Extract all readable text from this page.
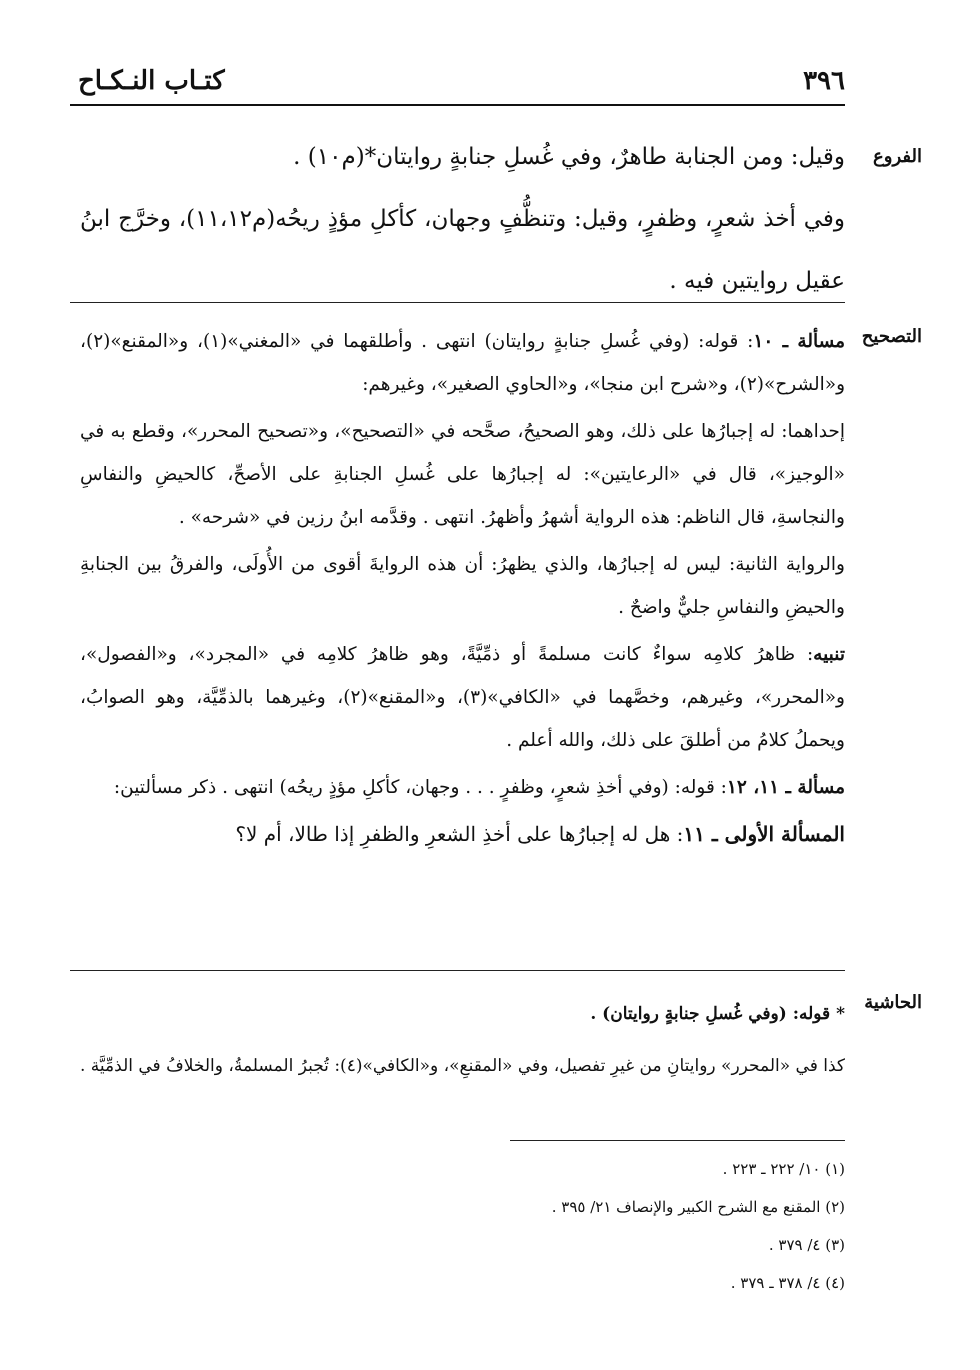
٣٩٦
كتـاب النـكـاح
الفروع

وقيل: ومن الجنابة طاهرٌ، وفي غُسلِ جنابةٍ روايتان*(م١٠) .

وفي أخذ شعرٍ، وظفرٍ، وقيل: وتنظُّفٍ وجهان، كأكلِ مؤذٍ ريحُه(م١١،١٢)، وخرَّج ابنُ عقيل روايتين فيه .

التصحيح

مسألة ـ ١٠: قوله: (وفي غُسلِ جنابةٍ روايتان) انتهى . وأطلقهما في «المغني»(١)، و«المقنع»(٢)، و«الشرح»(٢)، و«شرح ابن منجا»، و«الحاوي الصغير»، وغيرهم:

إحداهما: له إجبارُها على ذلك، وهو الصحيحُ، صحَّحه في «التصحيح»، و«تصحيح المحرر»، وقطع به في «الوجيز»، قال في «الرعايتين»: له إجبارُها على غُسلِ الجنابةِ على الأصحِّ، كالحيضِ والنفاسِ والنجاسةِ، قال الناظم: هذه الرواية أشهرُ وأظهرُ. انتهى . وقدَّمه ابنُ رزين في «شرحه» .

والرواية الثانية: ليس له إجبارُها، والذي يظهرُ: أن هذه الروايةَ أقوى من الأُولَى، والفرقُ بين الجنابةِ والحيضِ والنفاسِ جليٌّ واضحٌ .

تنبيه: ظاهرُ كلامِه سواءٌ كانت مسلمةً أو ذمِّيَّةً، وهو ظاهرُ كلامِه في «المجرد»، و«الفصول»، و«المحرر»، وغيرهم، وخصَّهما في «الكافي»(٣)، و«المقنع»(٢)، وغيرهما بالذمِّيَّة، وهو الصوابُ، ويحملُ كلامُ من أطلقَ على ذلك، والله أعلم .

مسألة ـ ١١، ١٢: قوله: (وفي أخذِ شعرٍ، وظفرٍ . . . وجهان، كأكلِ مؤذٍ ريحُه) انتهى . ذكر مسألتين:

المسألة الأولى ـ ١١: هل له إجبارُها على أخذِ الشعرِ والظفرِ إذا طالا، أم لا؟

الحاشية

* قوله: (وفي غُسلِ جنابةٍ روايتان) .

كذا في «المحرر» روايتانِ من غيرِ تفصيل، وفي «المقنعِ»، و«الكافي»(٤): تُجبرُ المسلمةُ، والخلافُ في الذمِّيَّة .

(١) ١٠/ ٢٢٢ ـ ٢٢٣ .
(٢) المقنع مع الشرح الكبير والإنصاف ٢١/ ٣٩٥ .
(٣) ٤/ ٣٧٩ .
(٤) ٤/ ٣٧٨ ـ ٣٧٩ .
